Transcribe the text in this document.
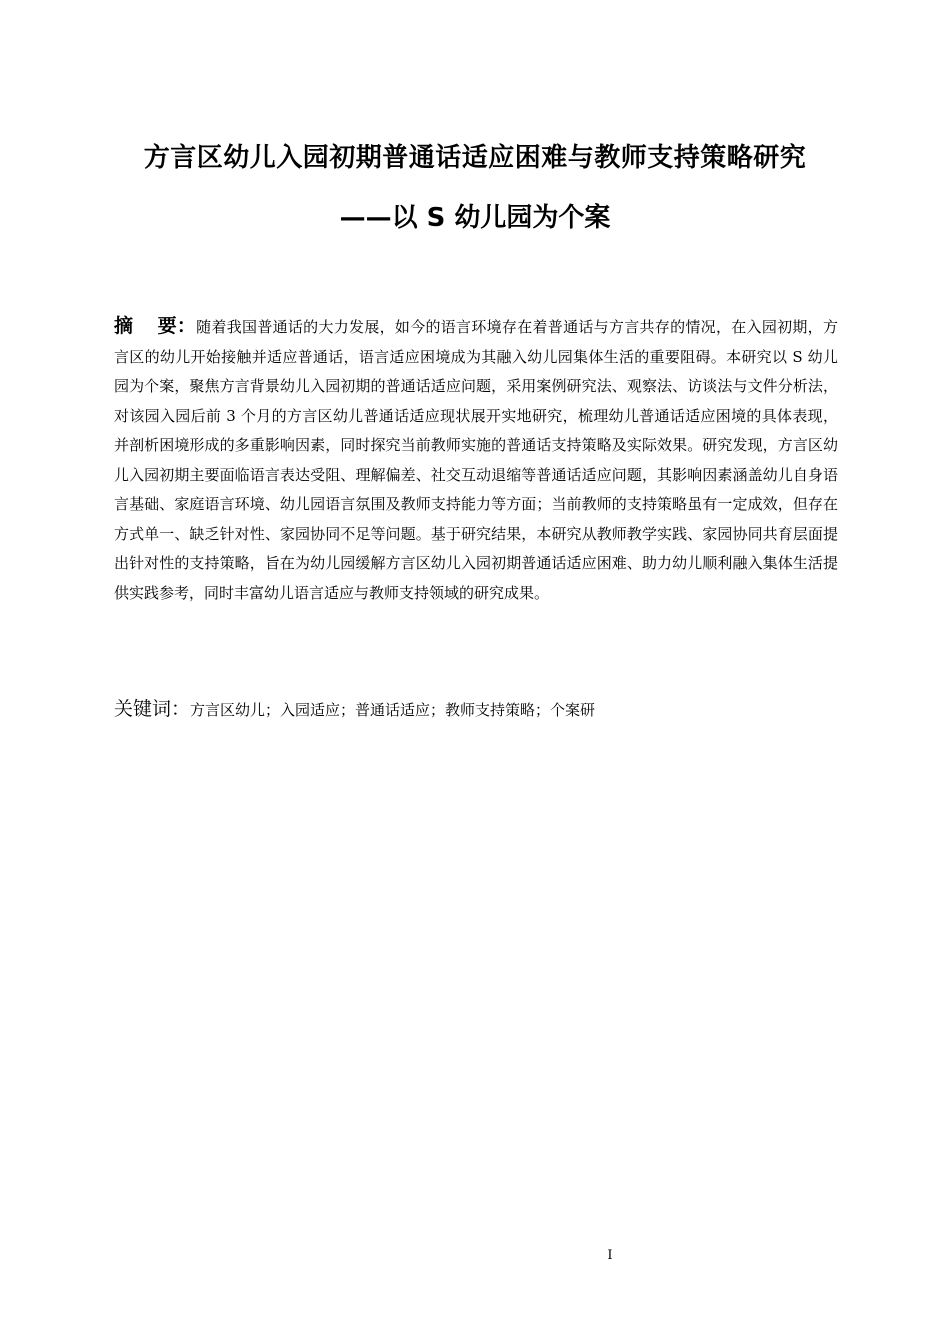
方言区幼儿入园初期普通话适应困难与教师支持策略研究
——以 S 幼儿园为个案
摘 要：随着我国普通话的大力发展，如今的语言环境存在着普通话与方言共存的情况，在入园初期，方言区的幼儿开始接触并适应普通话，语言适应困境成为其融入幼儿园集体生活的重要阻碍。本研究以 S 幼儿园为个案，聚焦方言背景幼儿入园初期的普通话适应问题，采用案例研究法、观察法、访谈法与文件分析法，对该园入园后前 3 个月的方言区幼儿普通话适应现状展开实地研究，梳理幼儿普通话适应困境的具体表现，并剖析困境形成的多重影响因素，同时探究当前教师实施的普通话支持策略及实际效果。研究发现，方言区幼儿入园初期主要面临语言表达受阻、理解偏差、社交互动退缩等普通话适应问题，其影响因素涵盖幼儿自身语言基础、家庭语言环境、幼儿园语言氛围及教师支持能力等方面；当前教师的支持策略虽有一定成效，但存在方式单一、缺乏针对性、家园协同不足等问题。基于研究结果，本研究从教师教学实践、家园协同共育层面提出针对性的支持策略，旨在为幼儿园缓解方言区幼儿入园初期普通话适应困难、助力幼儿顺利融入集体生活提供实践参考，同时丰富幼儿语言适应与教师支持领域的研究成果。
关键词：方言区幼儿；入园适应；普通话适应；教师支持策略；个案研
I
